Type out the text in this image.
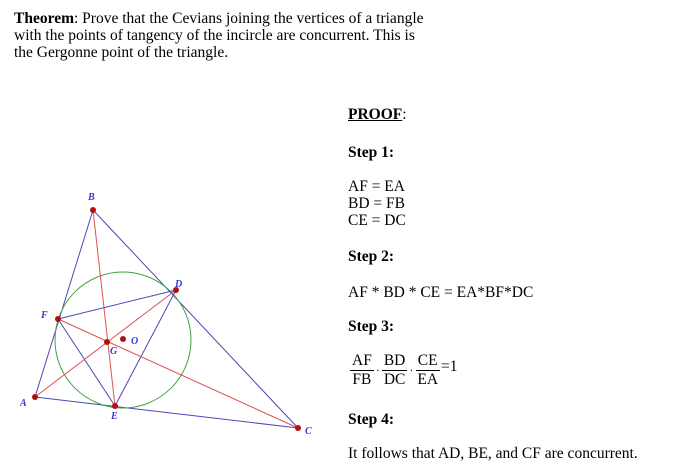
Theorem: Prove that the Cevians joining the vertices of a triangle with the points of tangency of the incircle are concurrent. This is the Gergonne point of the triangle.
A
B
C
D
E
F
G
O
PROOF:
Step 1:
AF = EA
BD = FB
CE = DC
Step 2:
AF * BD * CE = EA*BF*DC
Step 3:
$\frac{AF}{FB} \cdot \frac{BD}{DC} \cdot \frac{CE}{EA} =1$
Step 4:
It follows that AD, BE, and CF are concurrent.
